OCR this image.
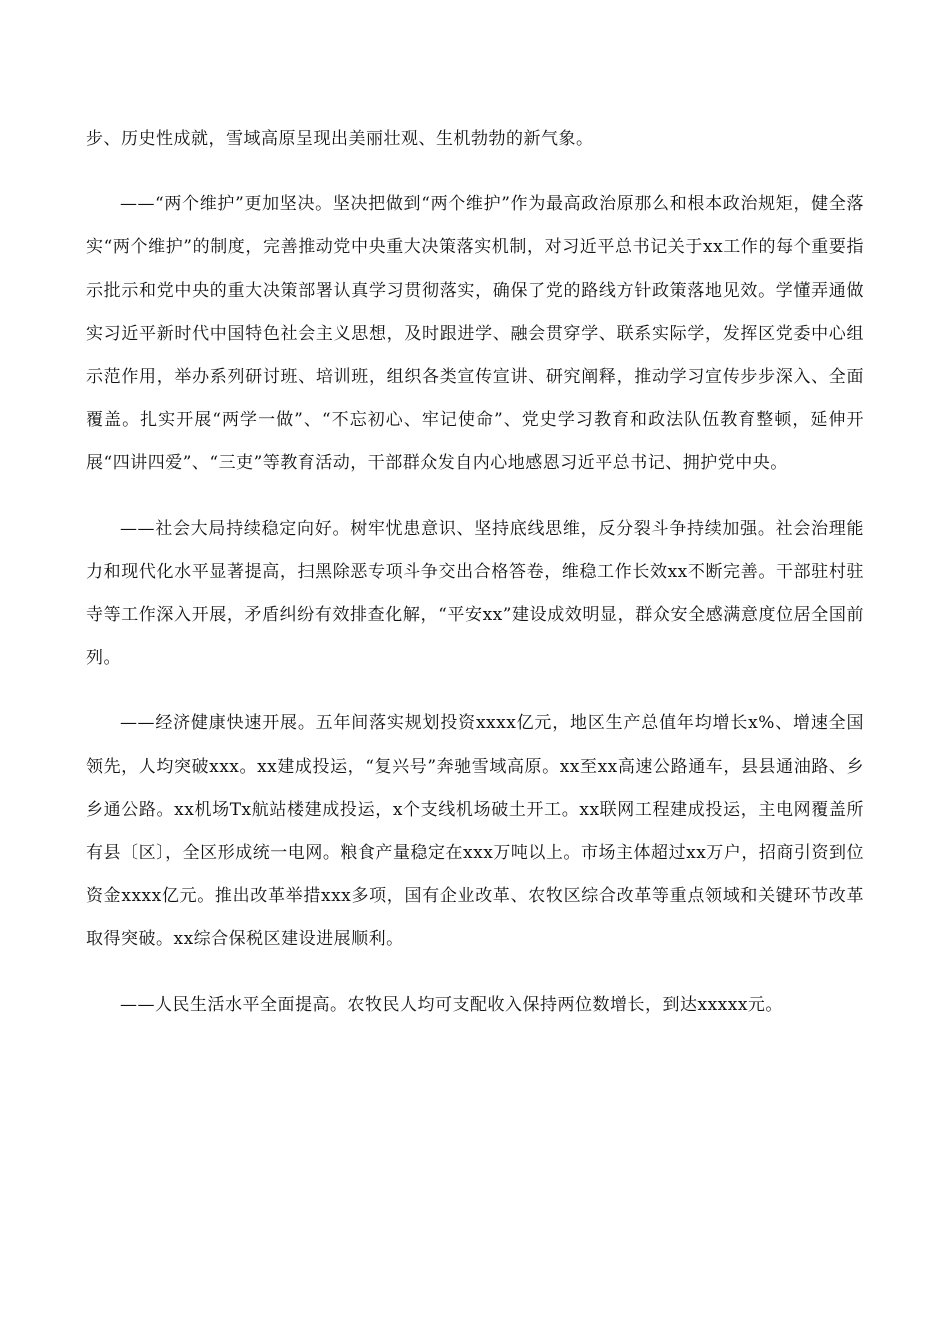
步、历史性成就，雪域高原呈现出美丽壮观、生机勃勃的新气象。

——“两个维护”更加坚决。坚决把做到“两个维护”作为最高政治原那么和根本政治规矩，健全落实“两个维护”的制度，完善推动党中央重大决策落实机制，对习近平总书记关于xx工作的每个重要指示批示和党中央的重大决策部署认真学习贯彻落实，确保了党的路线方针政策落地见效。学懂弄通做实习近平新时代中国特色社会主义思想，及时跟进学、融会贯穿学、联系实际学，发挥区党委中心组示范作用，举办系列研讨班、培训班，组织各类宣传宣讲、研究阐释，推动学习宣传步步深入、全面覆盖。扎实开展“两学一做”、“不忘初心、牢记使命”、党史学习教育和政法队伍教育整顿，延伸开展“四讲四爱”、“三吏”等教育活动，干部群众发自内心地感恩习近平总书记、拥护党中央。

——社会大局持续稳定向好。树牢忧患意识、坚持底线思维，反分裂斗争持续加强。社会治理能力和现代化水平显著提高，扫黑除恶专项斗争交出合格答卷，维稳工作长效xx不断完善。干部驻村驻寺等工作深入开展，矛盾纠纷有效排查化解，“平安xx”建设成效明显，群众安全感满意度位居全国前列。

——经济健康快速开展。五年间落实规划投资xxxx亿元，地区生产总值年均增长x%、增速全国领先，人均突破xxx。xx建成投运，“复兴号”奔驰雪域高原。xx至xx高速公路通车，县县通油路、乡乡通公路。xx机场Tx航站楼建成投运，x个支线机场破土开工。xx联网工程建成投运，主电网覆盖所有县〔区〕，全区形成统一电网。粮食产量稳定在xxx万吨以上。市场主体超过xx万户，招商引资到位资金xxxx亿元。推出改革举措xxx多项，国有企业改革、农牧区综合改革等重点领域和关键环节改革取得突破。xx综合保税区建设进展顺利。

——人民生活水平全面提高。农牧民人均可支配收入保持两位数增长，到达xxxxx元。
